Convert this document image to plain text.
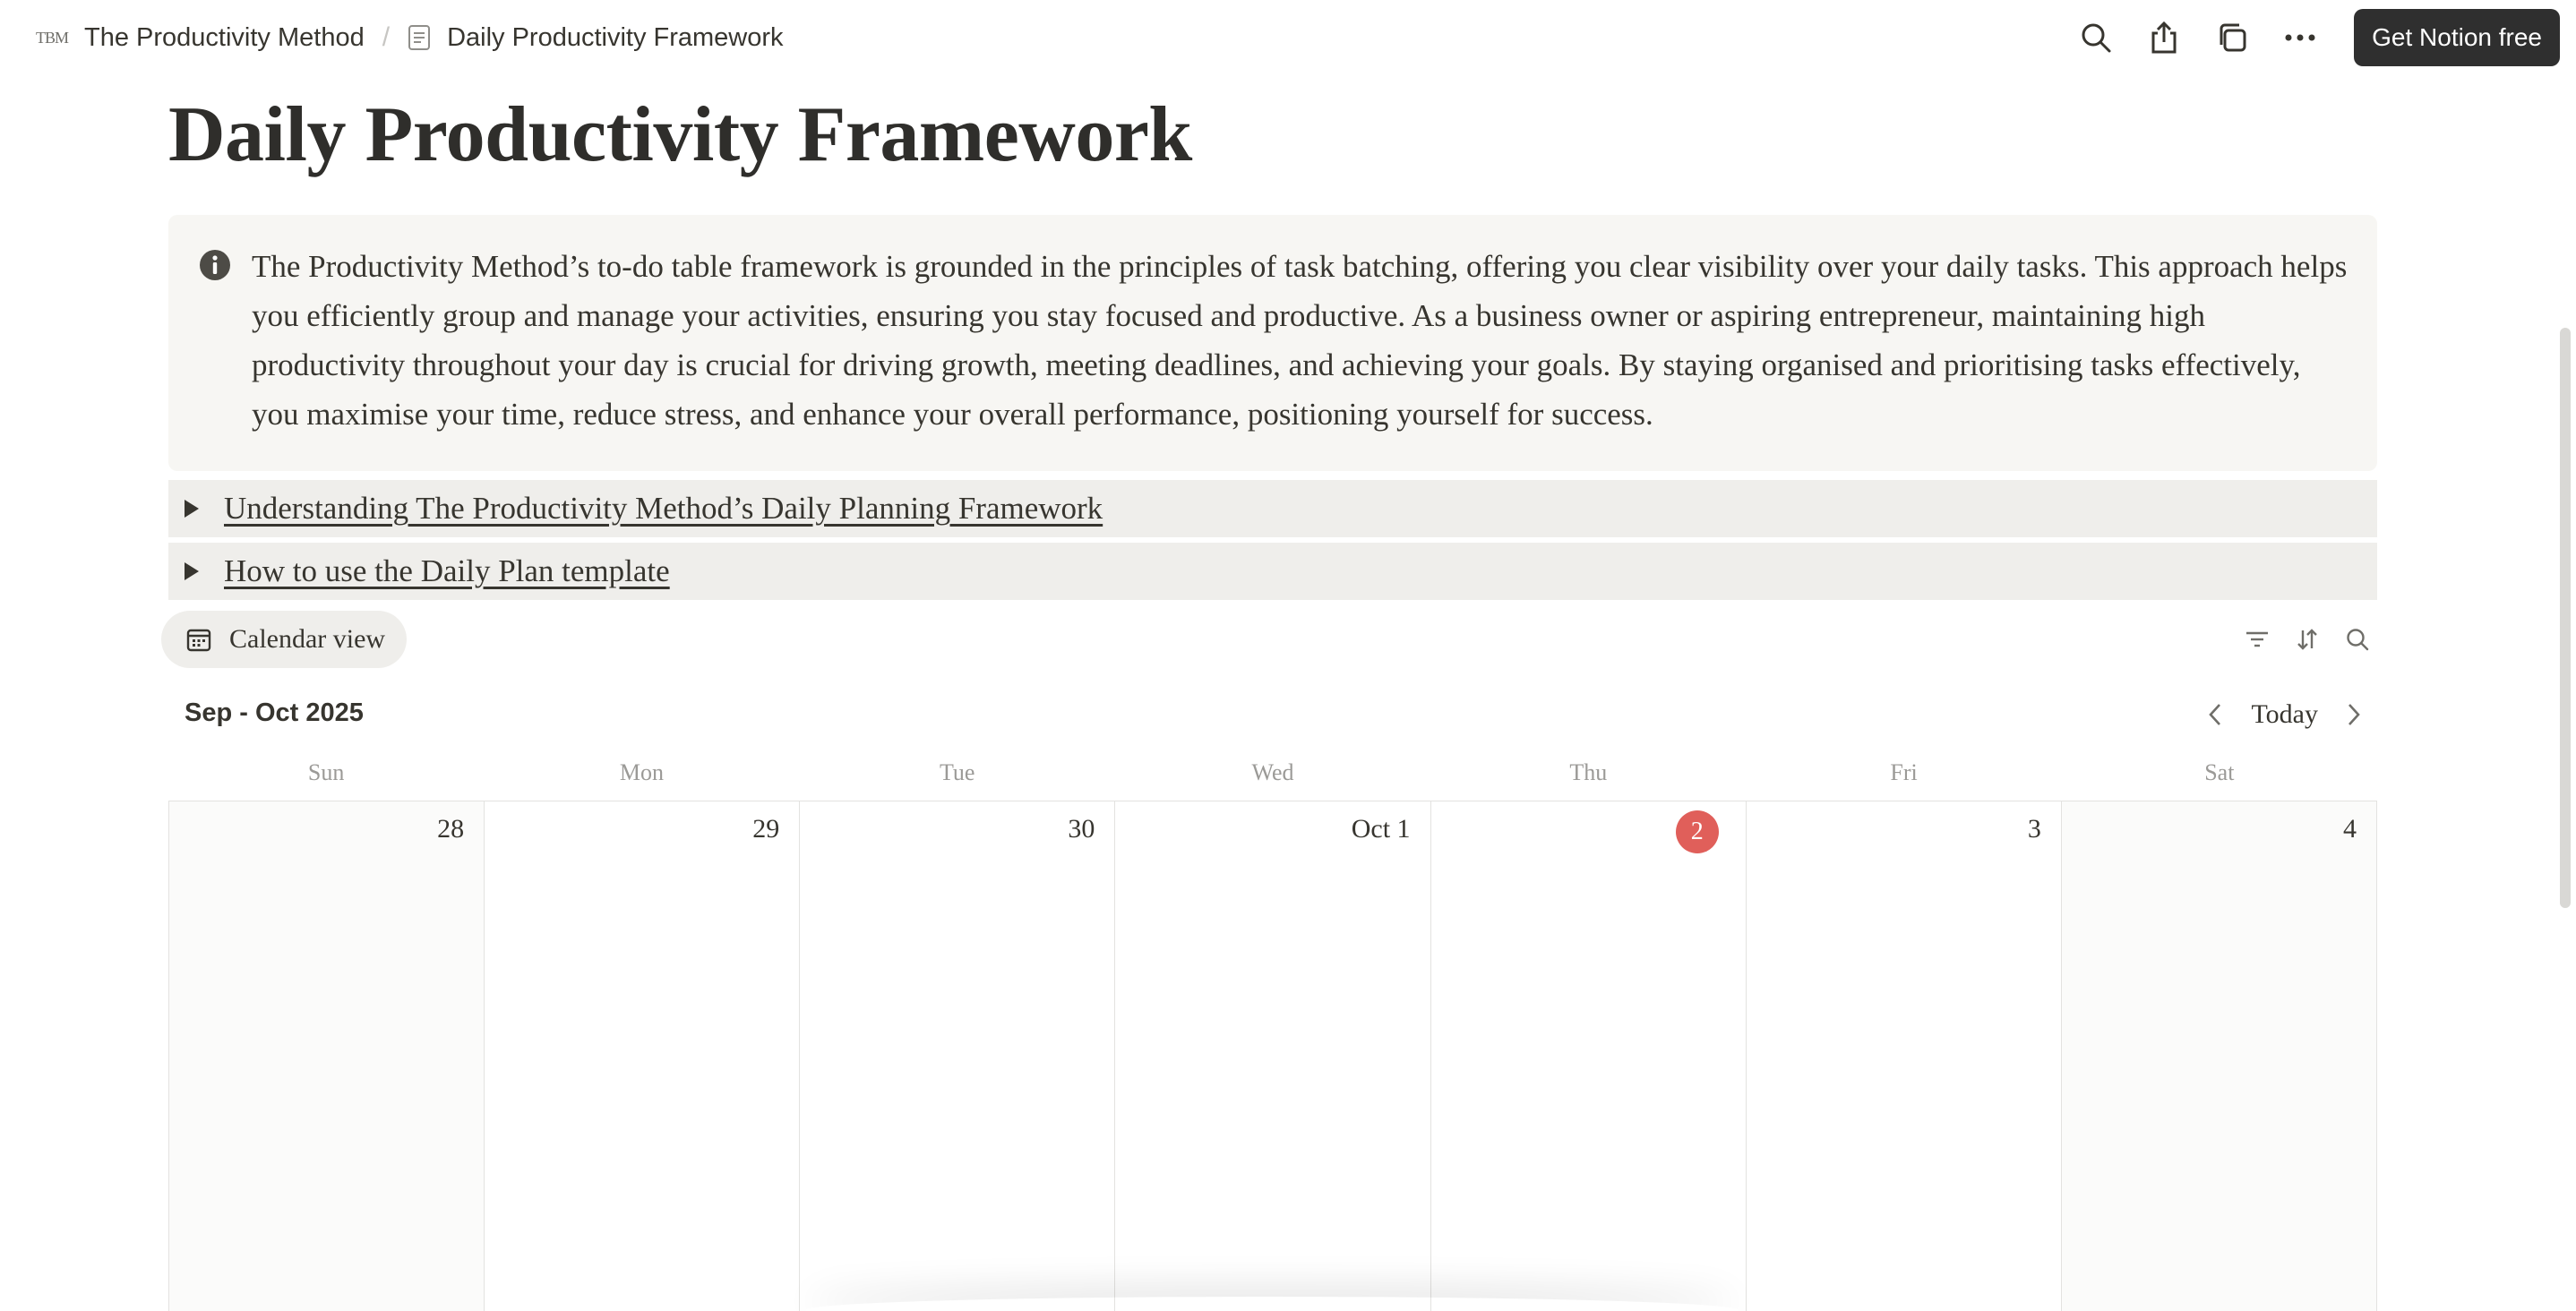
TBM The Productivity Method / Daily Productivity Framework	Get Notion free
Daily Productivity Framework
The Productivity Method’s to-do table framework is grounded in the principles of task batching, offering you clear visibility over your daily tasks. This approach helps you efficiently group and manage your activities, ensuring you stay focused and productive. As a business owner or aspiring entrepreneur, maintaining high productivity throughout your day is crucial for driving growth, meeting deadlines, and achieving your goals. By staying organised and prioritising tasks effectively, you maximise your time, reduce stress, and enhance your overall performance, positioning yourself for success.
Understanding The Productivity Method’s Daily Planning Framework
How to use the Daily Plan template
Calendar view
Sep - Oct 2025	Today
Sun	Mon	Tue	Wed	Thu	Fri	Sat
28	29	30	Oct 1	2	3	4
